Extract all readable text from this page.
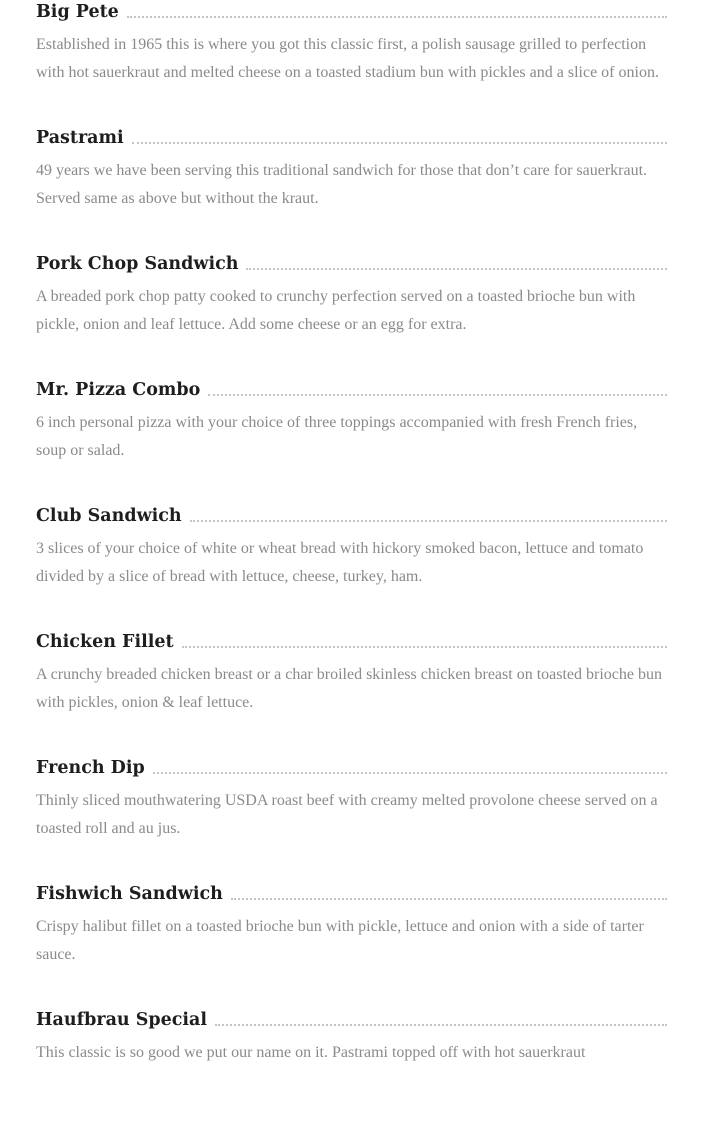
Big Pete
Established in 1965 this is where you got this classic first, a polish sausage grilled to perfection with hot sauerkraut and melted cheese on a toasted stadium bun with pickles and a slice of onion.
Pastrami
49 years we have been serving this traditional sandwich for those that don’t care for sauerkraut. Served same as above but without the kraut.
Pork Chop Sandwich
A breaded pork chop patty cooked to crunchy perfection served on a toasted brioche bun with pickle, onion and leaf lettuce. Add some cheese or an egg for extra.
Mr. Pizza Combo
6 inch personal pizza with your choice of three toppings accompanied with fresh French fries, soup or salad.
Club Sandwich
3 slices of your choice of white or wheat bread with hickory smoked bacon, lettuce and tomato divided by a slice of bread with lettuce, cheese, turkey, ham.
Chicken Fillet
A crunchy breaded chicken breast or a char broiled skinless chicken breast on toasted brioche bun with pickles, onion & leaf lettuce.
French Dip
Thinly sliced mouthwatering USDA roast beef with creamy melted provolone cheese served on a toasted roll and au jus.
Fishwich Sandwich
Crispy halibut fillet on a toasted brioche bun with pickle, lettuce and onion with a side of tarter sauce.
Haufbrau Special
This classic is so good we put our name on it. Pastrami topped off with hot sauerkraut
